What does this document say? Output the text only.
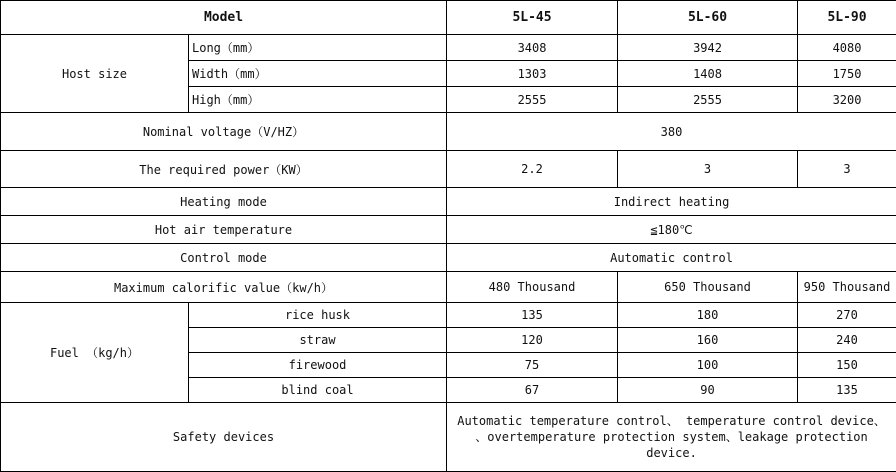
Model		5L-45	5L-60	5L-90
Host size	Long（mm）	3408	3942	4080
	Width（mm）	1303	1408	1750
	High（mm）	2555	2555	3200
Nominal voltage（V/HZ）		380		
The required power（KW）		2.2	3	3
Heating mode		Indirect heating		
Hot air temperature		≦180℃		
Control mode		Automatic control		
Maximum calorific value（kw/h）		480 Thousand	650 Thousand	950 Thousand
Fuel （kg/h）	rice husk	135	180	270
	straw	120	160	240
	firewood	75	100	150
	blind coal	67	90	135
Safety devices		Automatic temperature control、 temperature control device、
、overtemperature protection system、leakage protection device.		
